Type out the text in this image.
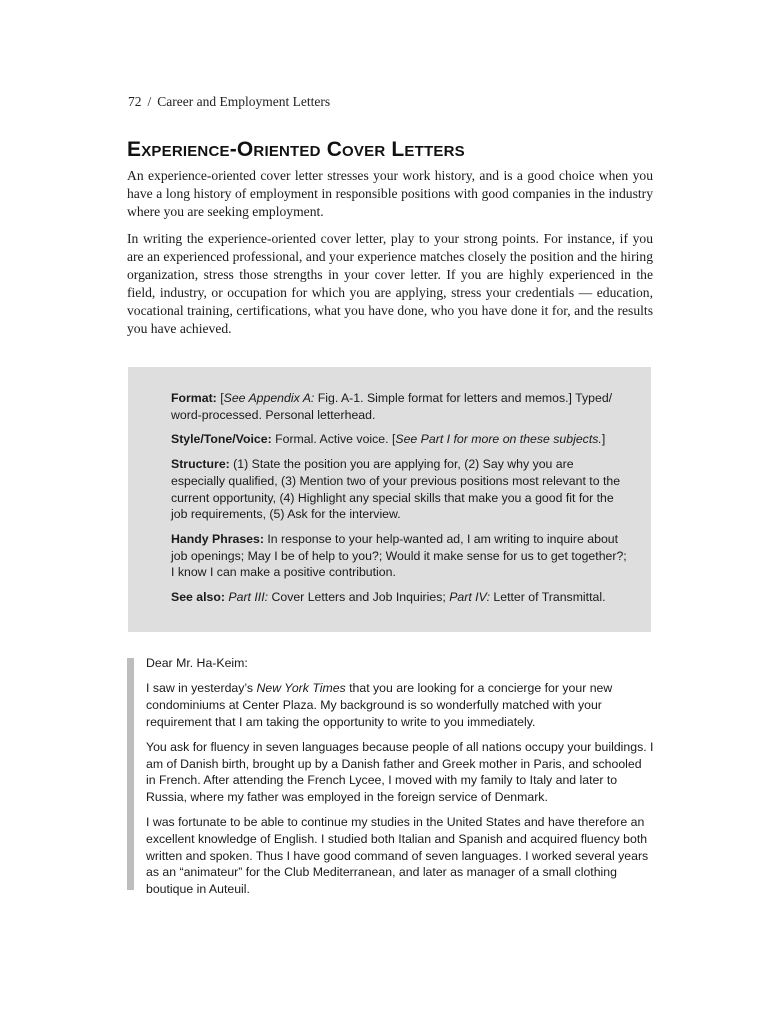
72 / Career and Employment Letters
Experience-Oriented Cover Letters

An experience-oriented cover letter stresses your work history, and is a good choice when you have a long history of employment in responsible positions with good companies in the industry where you are seeking employment.

In writing the experience-oriented cover letter, play to your strong points. For instance, if you are an experienced professional, and your experience matches closely the position and the hiring organization, stress those strengths in your cover letter. If you are highly experienced in the field, industry, or occupation for which you are applying, stress your credentials — education, vocational training, certifications, what you have done, who you have done it for, and the results you have achieved.

Format: [See Appendix A: Fig. A-1. Simple format for letters and memos.] Typed/ word-processed. Personal letterhead.
Style/Tone/Voice: Formal. Active voice. [See Part I for more on these subjects.]
Structure: (1) State the position you are applying for, (2) Say why you are especially qualified, (3) Mention two of your previous positions most relevant to the current opportunity, (4) Highlight any special skills that make you a good fit for the job requirements, (5) Ask for the interview.
Handy Phrases: In response to your help-wanted ad, I am writing to inquire about job openings; May I be of help to you?; Would it make sense for us to get together?; I know I can make a positive contribution.
See also: Part III: Cover Letters and Job Inquiries; Part IV: Letter of Transmittal.

Dear Mr. Ha-Keim:

I saw in yesterday’s New York Times that you are looking for a concierge for your new condominiums at Center Plaza. My background is so wonderfully matched with your requirement that I am taking the opportunity to write to you immediately.

You ask for fluency in seven languages because people of all nations occupy your buildings. I am of Danish birth, brought up by a Danish father and Greek mother in Paris, and schooled in French. After attending the French Lycee, I moved with my family to Italy and later to Russia, where my father was employed in the foreign service of Denmark.

I was fortunate to be able to continue my studies in the United States and have therefore an excellent knowledge of English. I studied both Italian and Spanish and acquired fluency both written and spoken. Thus I have good command of seven languages. I worked several years as an “animateur” for the Club Mediterranean, and later as manager of a small clothing boutique in Auteuil.
